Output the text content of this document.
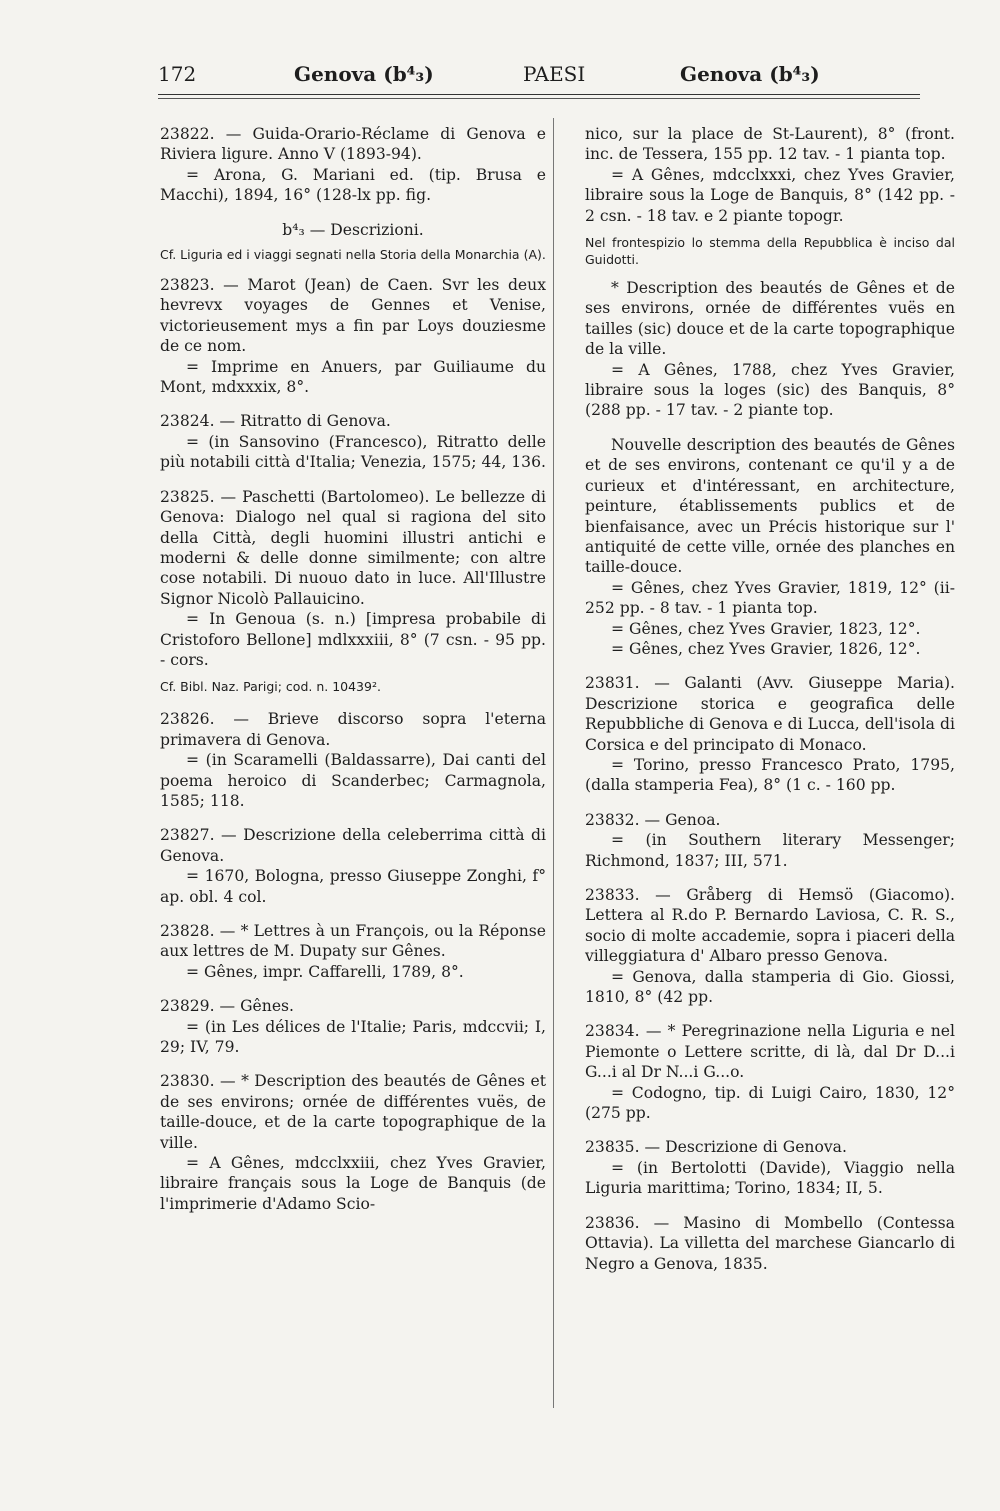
172	Genova (b⁴₃)	PAESI	Genova (b⁴₃)

23822. — Guida-Orario-Réclame di Genova e Riviera ligure. Anno V (1893-94).

= Arona, G. Mariani ed. (tip. Brusa e Macchi), 1894, 16° (128-lx pp. fig.

b⁴₃ — Descrizioni.
Cf. Liguria ed i viaggi segnati nella Storia della Monarchia (A).

23823. — Marot (Jean) de Caen. Svr les deux hevrevx voyages de Gennes et Venise, victorieusement mys a fin par Loys douziesme de ce nom.

= Imprime en Anuers, par Guiliaume du Mont, mdxxxix, 8°.

23824. — Ritratto di Genova.

= (in Sansovino (Francesco), Ritratto delle più notabili città d'Italia; Venezia, 1575; 44, 136.

23825. — Paschetti (Bartolomeo). Le bellezze di Genova: Dialogo nel qual si ragiona del sito della Città, degli huomini illustri antichi e moderni & delle donne similmente; con altre cose notabili. Di nuouo dato in luce. All'Illustre Signor Nicolò Pallauicino.

= In Genoua (s. n.) [impresa probabile di Cristoforo Bellone] mdlxxxiii, 8° (7 csn. - 95 pp. - cors.

Cf. Bibl. Naz. Parigi; cod. n. 10439².

23826. — Brieve discorso sopra l'eterna primavera di Genova.

= (in Scaramelli (Baldassarre), Dai canti del poema heroico di Scanderbec; Carmagnola, 1585; 118.

23827. — Descrizione della celeberrima città di Genova.

= 1670, Bologna, presso Giuseppe Zonghi, f° ap. obl. 4 col.

23828. — * Lettres à un François, ou la Réponse aux lettres de M. Dupaty sur Gênes.

= Gênes, impr. Caffarelli, 1789, 8°.

23829. — Gênes.

= (in Les délices de l'Italie; Paris, mdccvii; I, 29; IV, 79.

23830. — * Description des beautés de Gênes et de ses environs; ornée de différentes vuës, de taille-douce, et de la carte topographique de la ville.

= A Gênes, mdcclxxiii, chez Yves Gravier, libraire français sous la Loge de Banquis (de l'imprimerie d'Adamo Scio-

nico, sur la place de St-Laurent), 8° (front. inc. de Tessera, 155 pp. 12 tav. - 1 pianta top.

= A Gênes, mdcclxxxi, chez Yves Gravier, libraire sous la Loge de Banquis, 8° (142 pp. - 2 csn. - 18 tav. e 2 piante topogr.

Nel frontespizio lo stemma della Repubblica è inciso dal Guidotti.

* Description des beautés de Gênes et de ses environs, ornée de différentes vuës en tailles (sic) douce et de la carte topographique de la ville.

= A Gênes, 1788, chez Yves Gravier, libraire sous la loges (sic) des Banquis, 8° (288 pp. - 17 tav. - 2 piante top.

Nouvelle description des beautés de Gênes et de ses environs, contenant ce qu'il y a de curieux et d'intéressant, en architecture, peinture, établissements publics et de bienfaisance, avec un Précis historique sur l' antiquité de cette ville, ornée des planches en taille-douce.

= Gênes, chez Yves Gravier, 1819, 12° (ii-252 pp. - 8 tav. - 1 pianta top.

= Gênes, chez Yves Gravier, 1823, 12°.

= Gênes, chez Yves Gravier, 1826, 12°.

23831. — Galanti (Avv. Giuseppe Maria). Descrizione storica e geografica delle Repubbliche di Genova e di Lucca, dell'isola di Corsica e del principato di Monaco.

= Torino, presso Francesco Prato, 1795, (dalla stamperia Fea), 8° (1 c. - 160 pp.

23832. — Genoa.

= (in Southern literary Messenger; Richmond, 1837; III, 571.

23833. — Gråberg di Hemsö (Giacomo). Lettera al R.do P. Bernardo Laviosa, C. R. S., socio di molte accademie, sopra i piaceri della villeggiatura d' Albaro presso Genova.

= Genova, dalla stamperia di Gio. Giossi, 1810, 8° (42 pp.

23834. — * Peregrinazione nella Liguria e nel Piemonte o Lettere scritte, di là, dal Dr D...i G...i al Dr N...i G...o.

= Codogno, tip. di Luigi Cairo, 1830, 12° (275 pp.

23835. — Descrizione di Genova.

= (in Bertolotti (Davide), Viaggio nella Liguria marittima; Torino, 1834; II, 5.

23836. — Masino di Mombello (Contessa Ottavia). La villetta del marchese Giancarlo di Negro a Genova, 1835.
